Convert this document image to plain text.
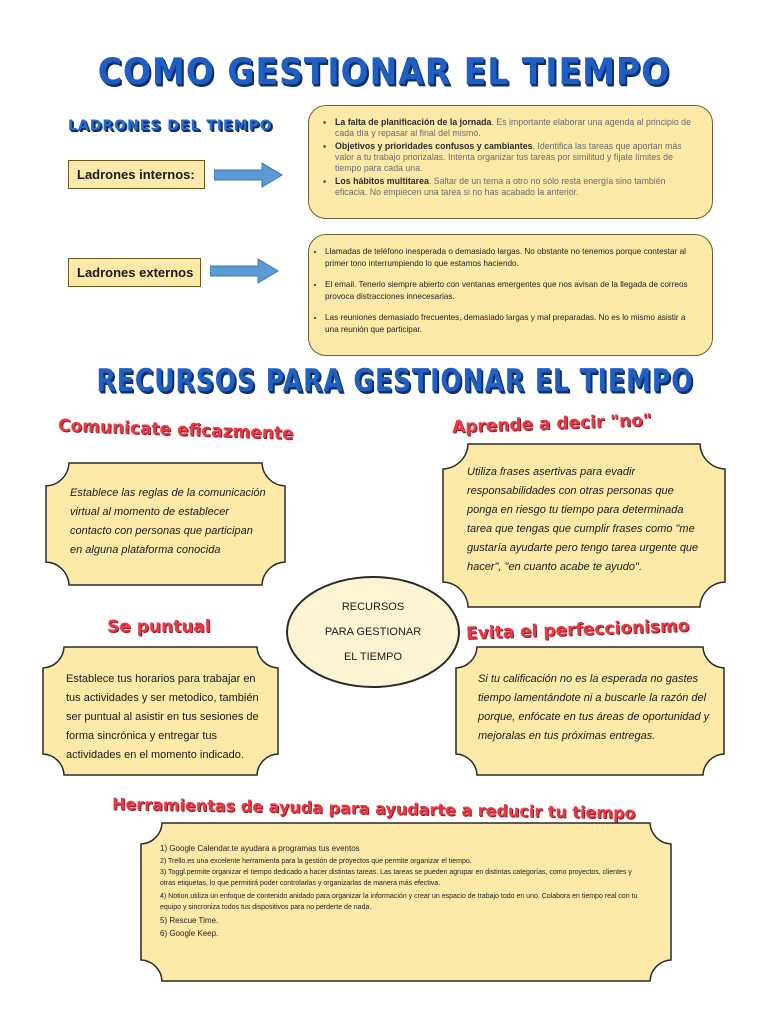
COMO GESTIONAR EL TIEMPO
LADRONES DEL TIEMPO
Ladrones internos:
• La falta de planificación de la jornada. Es importante elaborar una agenda al principio de cada día y repasar al final del mismo.
• Objetivos y prioridades confusos y cambiantes. Identifica las tareas que aportan más valor a tu trabajo priorizalas. Intenta organizar tus tareas por similitud y fíjate límites de tiempo para cada una.
• Los hábitos multitarea. Saltar de un tema a otro no sólo resta energía sino también eficacia. No empiecen una tarea si no has acabado la anterior.
Ladrones externos
• Llamadas de teléfono inesperada o demasiado largas. No obstante no tenemos porque contestar al primer tono interrumpiendo lo que estamos haciendo.
• El email. Tenerlo siempre abierto con ventanas emergentes que nos avisan de la llegada de correos provoca distracciones innecesarias.
• Las reuniones demasiado frecuentes, demasiado largas y mal preparadas. No es lo mismo asistir a una reunión que participar.
RECURSOS PARA GESTIONAR EL TIEMPO
Comunicate eficazmente	Aprende a decir "no"
Se puntual	Evita el perfeccionismo
Establece las reglas de la comunicación virtual al momento de establecer contacto con personas que participan en alguna plataforma conocida
Utiliza frases asertivas para evadir responsabilidades con otras personas que ponga en riesgo tu tiempo para determinada tarea que tengas que cumplir frases como "me gustaría ayudarte pero tengo tarea urgente que hacer", "en cuanto acabe te ayudo".
Establece tus horarios para trabajar en tus actividades y ser metodico, también ser puntual al asistir en tus sesiones de forma sincrónica y entregar tus actividades en el momento indicado.
Si tu calificación no es la esperada no gastes tiempo lamentándote ni a buscarle la razón del porque, enfócate en tus áreas de oportunidad y mejoralas en tus próximas entregas.
RECURSOS
PARA GESTIONAR
EL TIEMPO
Herramientas de ayuda para ayudarte a reducir tu tiempo
1) Google Calendar.te ayudara a programas tus eventos
2) Trello.es una excelente herramienta para la gestión de proyectos que permite organizar el tiempo.
3) Toggl.permite organizar el tiempo dedicado a hacer distintas tareas. Las tareas se pueden agrupar en distintas categorías, como proyectos, clientes y otras etiquetas, lo que permitirá poder controlarlas y organizarlas de manera más efectiva.
4) Notion.utiliza un enfoque de contenido anidado para organizar la información y crear un espacio de trabajo todo en uno. Colabora en tiempo real con tu equipo y sincroniza todos tus dispositivos para no perderte de nada.
5) Rescue Time.
6) Google Keep.
